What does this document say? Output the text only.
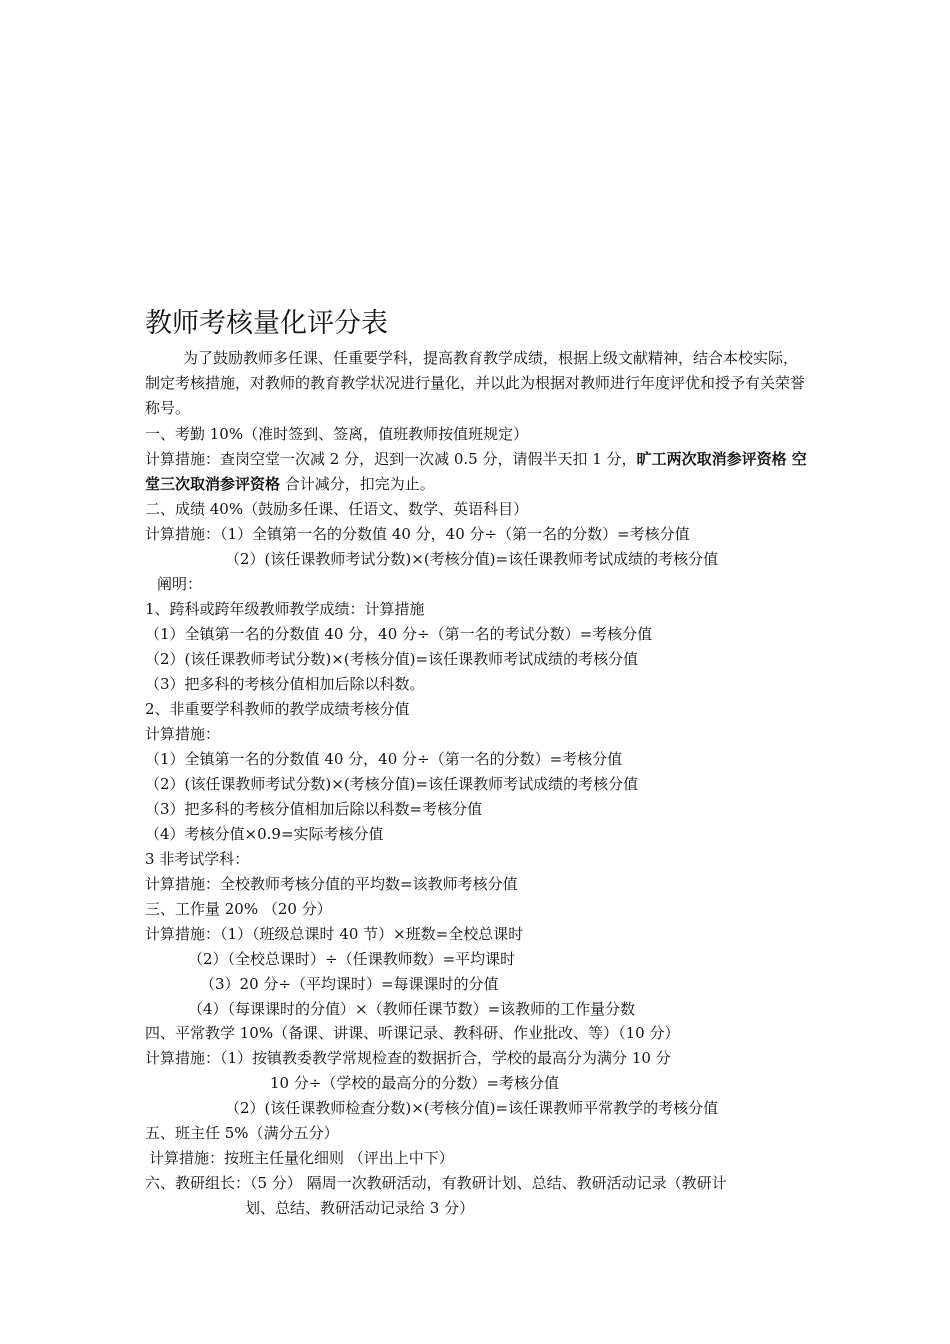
教师考核量化评分表
为了鼓励教师多任课、任重要学科，提高教育教学成绩，根据上级文献精神，结合本校实际，制定考核措施，对教师的教育教学状况进行量化，并以此为根据对教师进行年度评优和授予有关荣誉称号。
一、考勤 10%（准时签到、签离，值班教师按值班规定）
计算措施：查岗空堂一次减 2 分，迟到一次减 0.5 分，请假半天扣 1 分，旷工两次取消参评资格 空堂三次取消参评资格 合计减分，扣完为止。
二、成绩 40%（鼓励多任课、任语文、数学、英语科目）
计算措施：（1）全镇第一名的分数值 40 分，40 分÷（第一名的分数）=考核分值
（2）(该任课教师考试分数)×(考核分值)=该任课教师考试成绩的考核分值
阐明：
1、跨科或跨年级教师教学成绩：计算措施
（1）全镇第一名的分数值 40 分，40 分÷（第一名的考试分数）=考核分值
（2）(该任课教师考试分数)×(考核分值)=该任课教师考试成绩的考核分值
（3）把多科的考核分值相加后除以科数。
2、非重要学科教师的教学成绩考核分值
计算措施：
（1）全镇第一名的分数值 40 分，40 分÷（第一名的分数）=考核分值
（2）(该任课教师考试分数)×(考核分值)=该任课教师考试成绩的考核分值
（3）把多科的考核分值相加后除以科数=考核分值
（4）考核分值×0.9=实际考核分值
3 非考试学科：
计算措施：全校教师考核分值的平均数=该教师考核分值
三、工作量 20% （20 分）
计算措施：（1）（班级总课时 40 节）×班数=全校总课时
（2）（全校总课时）÷（任课教师数）=平均课时
（3）20 分÷（平均课时）=每课课时的分值
（4）（每课课时的分值）×（教师任课节数）=该教师的工作量分数
四、平常教学 10%（备课、讲课、听课记录、教科研、作业批改、等）（10 分）
计算措施：（1）按镇教委教学常规检查的数据折合，学校的最高分为满分 10 分
10 分÷（学校的最高分的分数）=考核分值
（2）(该任课教师检查分数)×(考核分值)=该任课教师平常教学的考核分值
五、班主任 5%（满分五分）
计算措施：按班主任量化细则 （评出上中下）
六、教研组长：（5 分） 隔周一次教研活动，有教研计划、总结、教研活动记录（教研计
划、总结、教研活动记录给 3 分）
